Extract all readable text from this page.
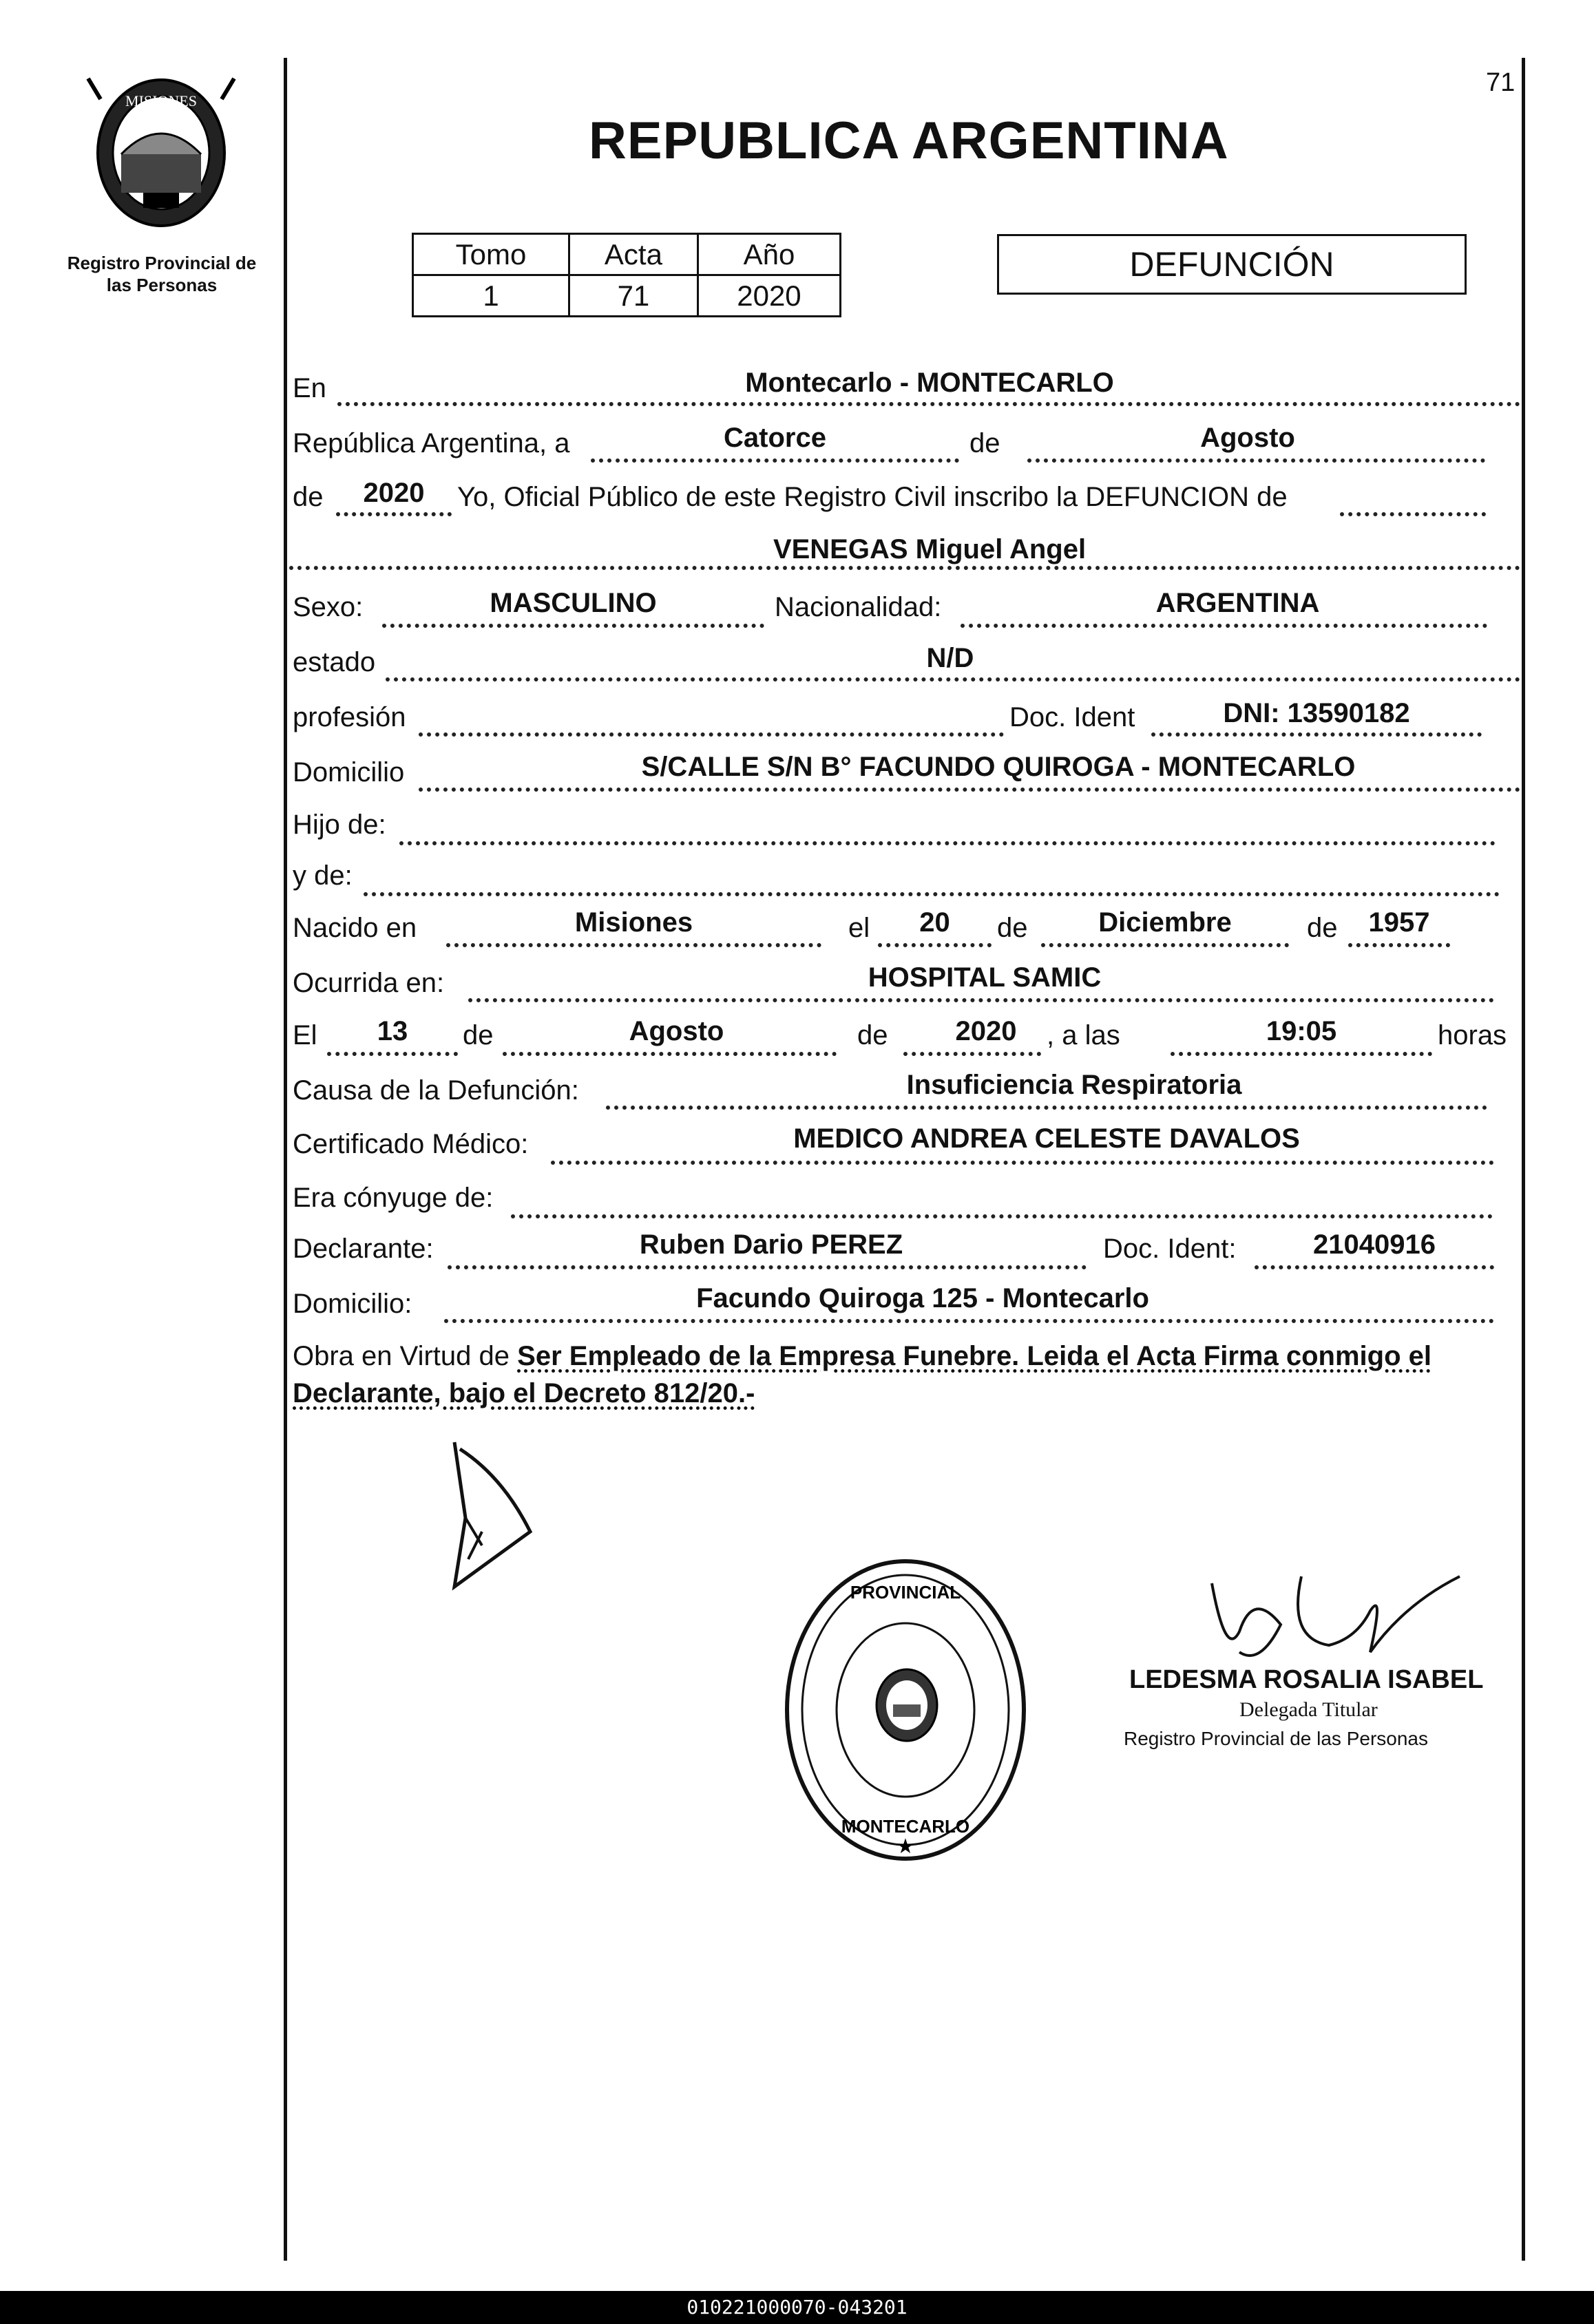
71
MISIONES
Registro Provincial de
las Personas
REPUBLICA ARGENTINA
Tomo	Acta	Año
1	71	2020
DEFUNCIÓN
En	Montecarlo - MONTECARLO
República Argentina, a	Catorce	de	Agosto
de	2020	Yo, Oficial Público de este Registro Civil inscribo la DEFUNCION de
VENEGAS Miguel Angel
Sexo:	MASCULINO	Nacionalidad:	ARGENTINA
estado	N/D
profesión	Doc. Ident	DNI: 13590182
Domicilio	S/CALLE S/N B° FACUNDO QUIROGA - MONTECARLO
Hijo de:
y de:
Nacido en	Misiones	el	20	de	Diciembre	de	1957
Ocurrida en:	HOSPITAL SAMIC
El	13	de	Agosto	de	2020	, a las	19:05	horas
Causa de la Defunción:	Insuficiencia Respiratoria
Certificado Médico:	MEDICO ANDREA CELESTE DAVALOS
Era cónyuge de:
Declarante:	Ruben Dario PEREZ	Doc. Ident:	21040916
Domicilio:	Facundo Quiroga 125 - Montecarlo
Obra en Virtud de Ser Empleado de la Empresa Funebre. Leida el Acta Firma conmigo el Declarante, bajo el Decreto 812/20.-
PROVINCIAL
MONTECARLO
★
LEDESMA ROSALIA ISABEL
Delegada Titular
Registro Provincial de las Personas
010221000070-043201
